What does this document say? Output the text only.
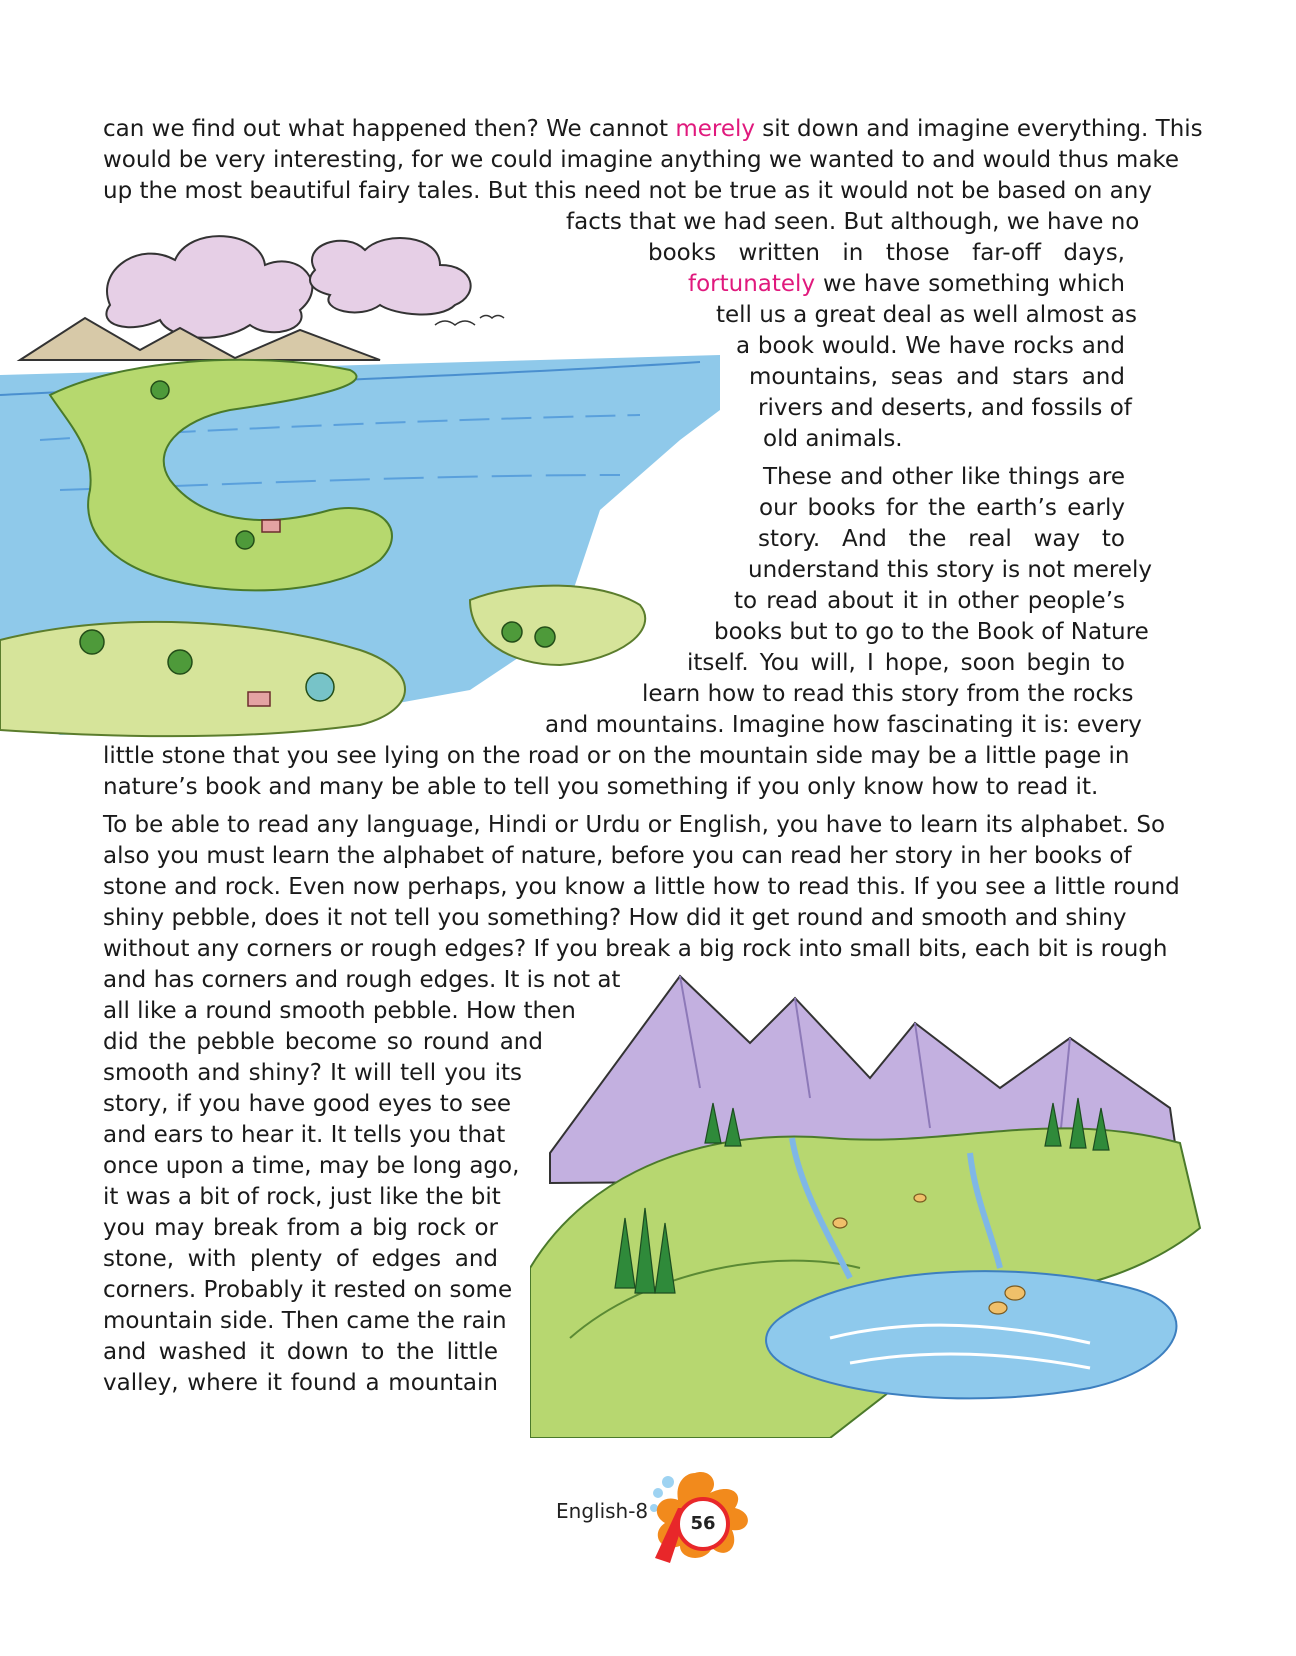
can we find out what happened then? We cannot merely sit down and imagine everything. This
would be very interesting, for we could imagine anything we wanted to and would thus make
up the most beautiful fairy tales. But this need not be true as it would not be based on any
facts that we had seen. But although, we have no
books written in those far-off days,
fortunately we have something which
tell us a great deal as well almost as
a book would. We have rocks and
mountains, seas and stars and
rivers and deserts, and fossils of
old animals.
These and other like things are
our books for the earth’s early
story. And the real way to
understand this story is not merely
to read about it in other people’s
books but to go to the Book of Nature
itself. You will, I hope, soon begin to
learn how to read this story from the rocks
and mountains. Imagine how fascinating it is: every
little stone that you see lying on the road or on the mountain side may be a little page in
nature’s book and many be able to tell you something if you only know how to read it.
To be able to read any language, Hindi or Urdu or English, you have to learn its alphabet. So
also you must learn the alphabet of nature, before you can read her story in her books of
stone and rock. Even now perhaps, you know a little how to read this. If you see a little round
shiny pebble, does it not tell you something? How did it get round and smooth and shiny
without any corners or rough edges? If you break a big rock into small bits, each bit is rough
and has corners and rough edges. It is not at
all like a round smooth pebble. How then
did the pebble become so round and
smooth and shiny? It will tell you its
story, if you have good eyes to see
and ears to hear it. It tells you that
once upon a time, may be long ago,
it was a bit of rock, just like the bit
you may break from a big rock or
stone, with plenty of edges and
corners. Probably it rested on some
mountain side. Then came the rain
and washed it down to the little
valley, where it found a mountain
English-8
56
